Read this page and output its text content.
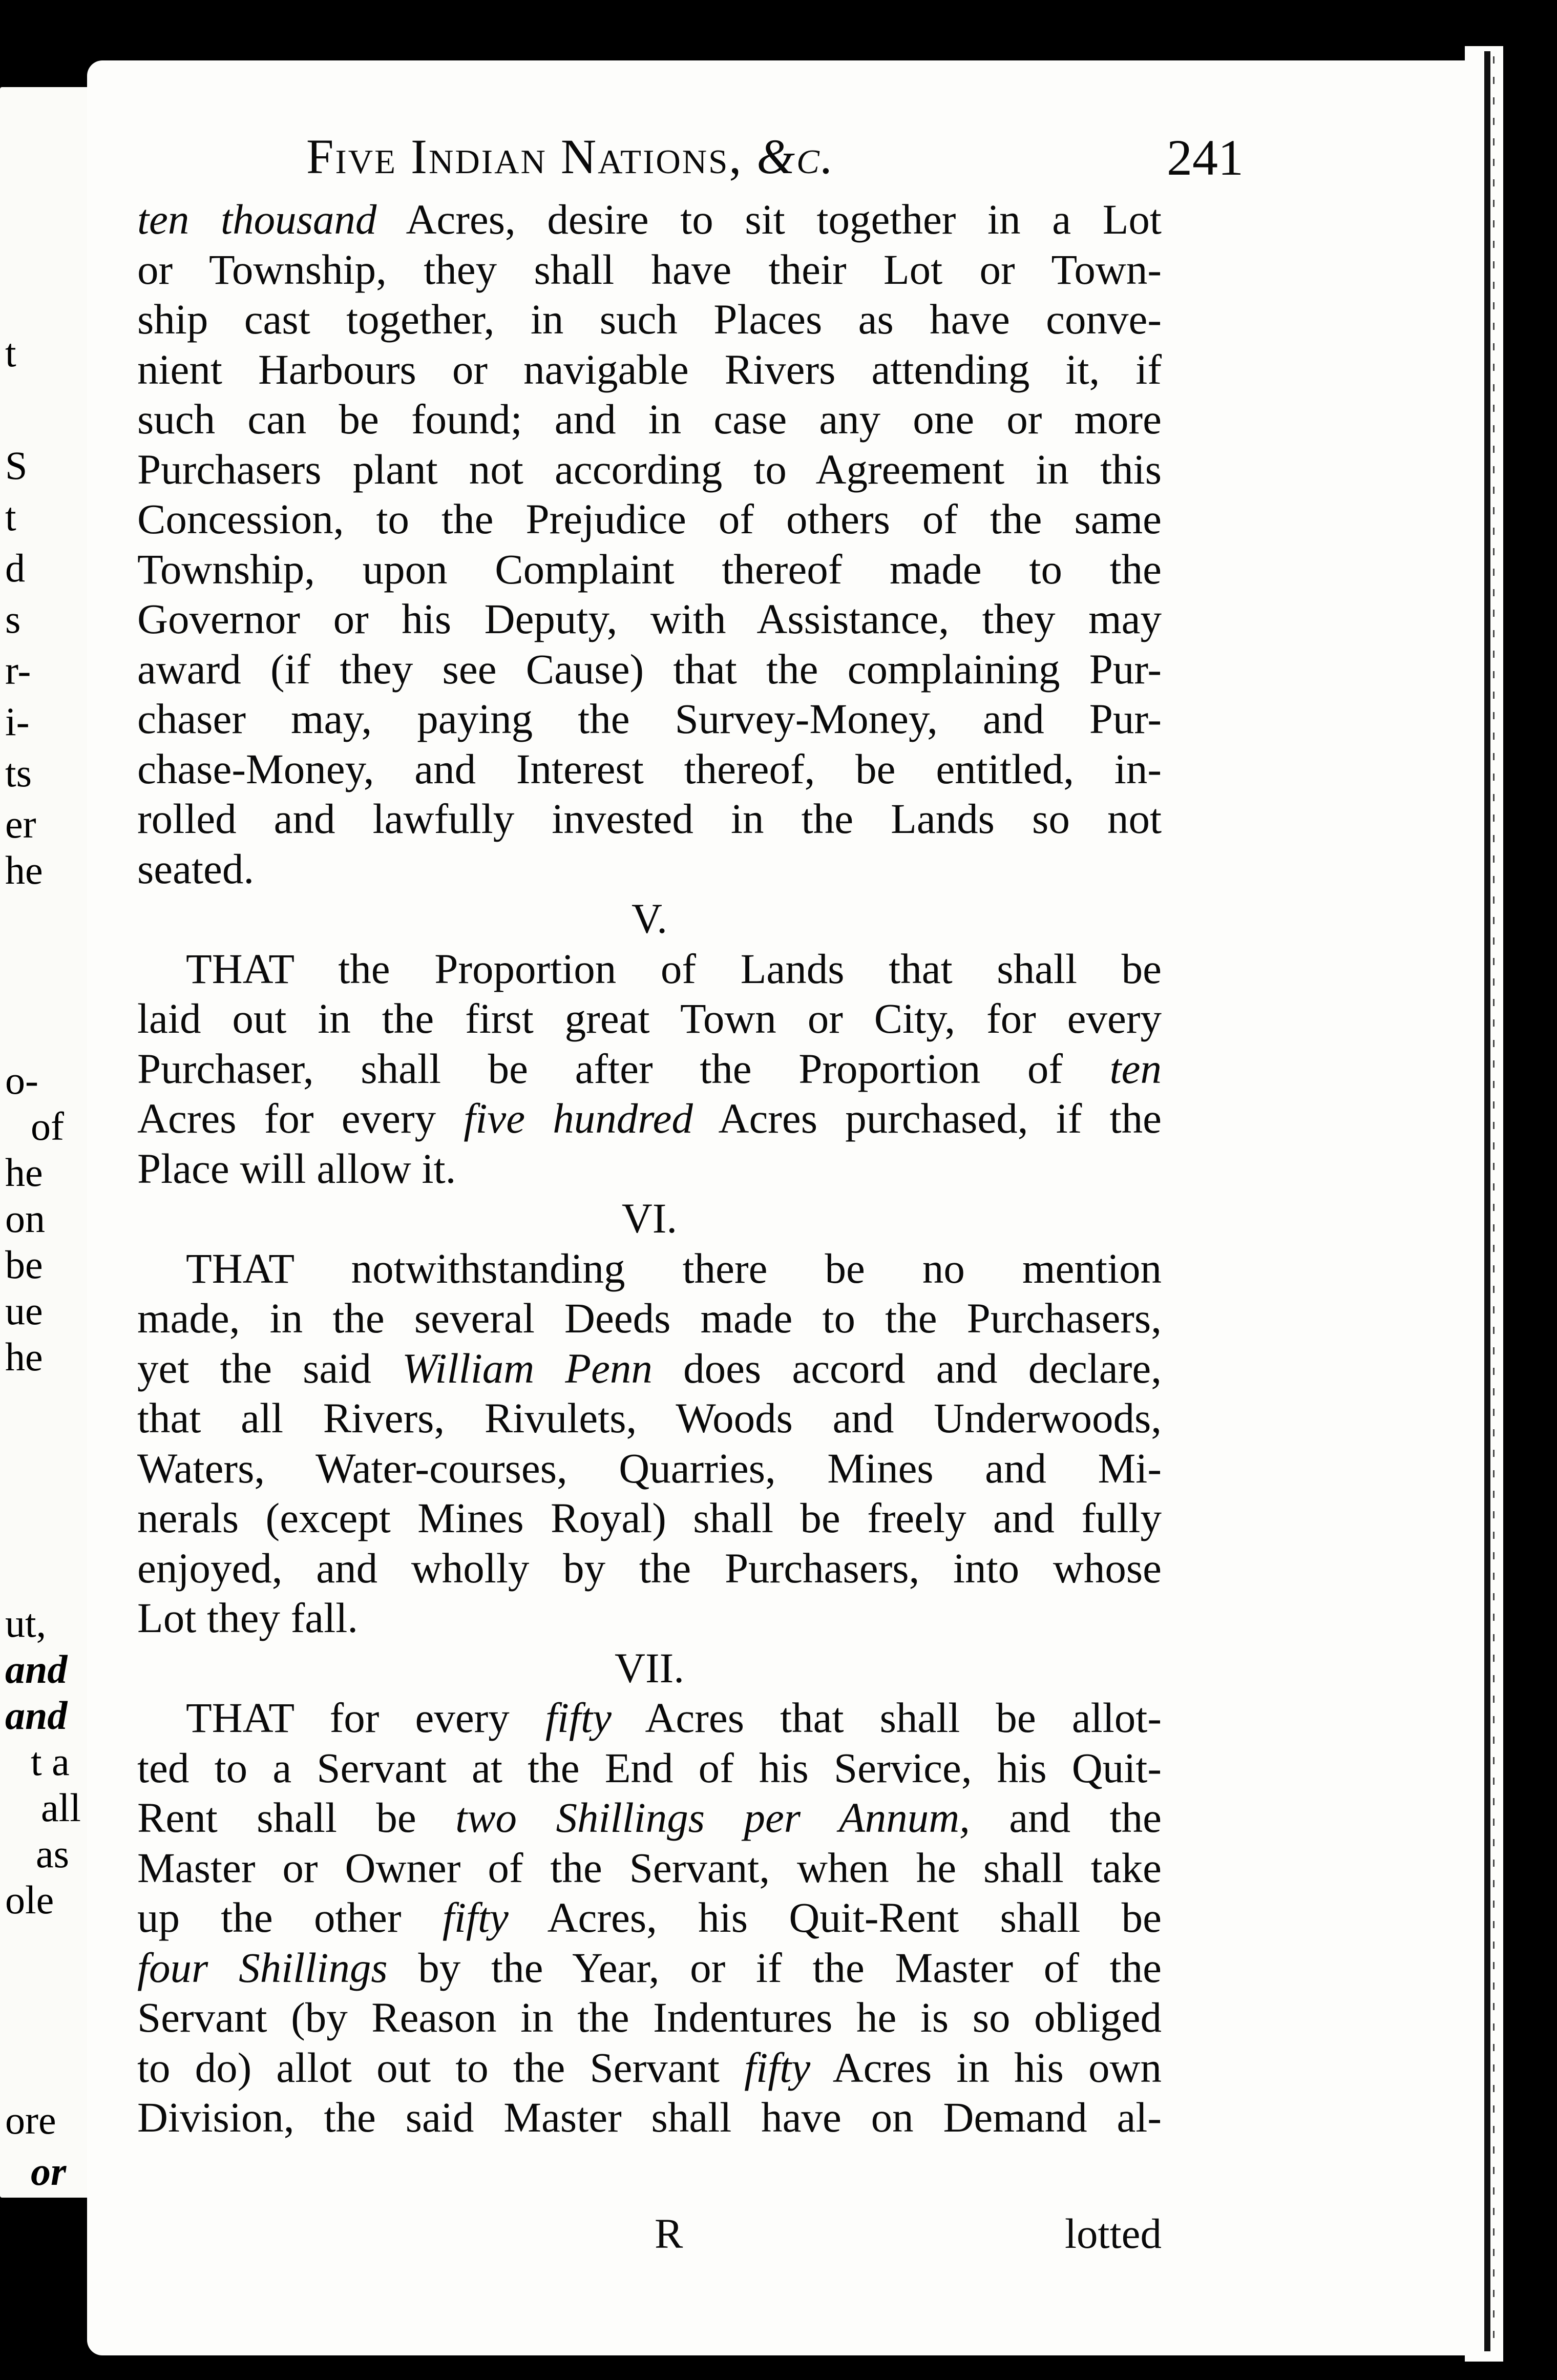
t
S
t
d
s
r-
i-
ts
er
he
o-
of
he
on
be
ue
he
ut,
and
and
t a
all
as
ole
ore
or
ten
Five Indian Nations, &c.	241

ten thousand Acres, desire to sit together in a Lot
or Township, they shall have their Lot or Town-
ship cast together, in such Places as have conve-
nient Harbours or navigable Rivers attending it, if
such can be found; and in case any one or more
Purchasers plant not according to Agreement in this
Concession, to the Prejudice of others of the same
Township, upon Complaint thereof made to the
Governor or his Deputy, with Assistance, they may
award (if they see Cause) that the complaining Pur-
chaser may, paying the Survey-Money, and Pur-
chase-Money, and Interest thereof, be entitled, in-
rolled and lawfully invested in the Lands so not
seated.

V.

THAT the Proportion of Lands that shall be
laid out in the first great Town or City, for every
Purchaser, shall be after the Proportion of ten
Acres for every five hundred Acres purchased, if the
Place will allow it.

VI.

THAT notwithstanding there be no mention
made, in the several Deeds made to the Purchasers,
yet the said William Penn does accord and declare,
that all Rivers, Rivulets, Woods and Underwoods,
Waters, Water-courses, Quarries, Mines and Mi-
nerals (except Mines Royal) shall be freely and fully
enjoyed, and wholly by the Purchasers, into whose
Lot they fall.

VII.

THAT for every fifty Acres that shall be allot-
ted to a Servant at the End of his Service, his Quit-
Rent shall be two Shillings per Annum, and the
Master or Owner of the Servant, when he shall take
up the other fifty Acres, his Quit-Rent shall be
four Shillings by the Year, or if the Master of the
Servant (by Reason in the Indentures he is so obliged
to do) allot out to the Servant fifty Acres in his own
Division, the said Master shall have on Demand al-

R	lotted
